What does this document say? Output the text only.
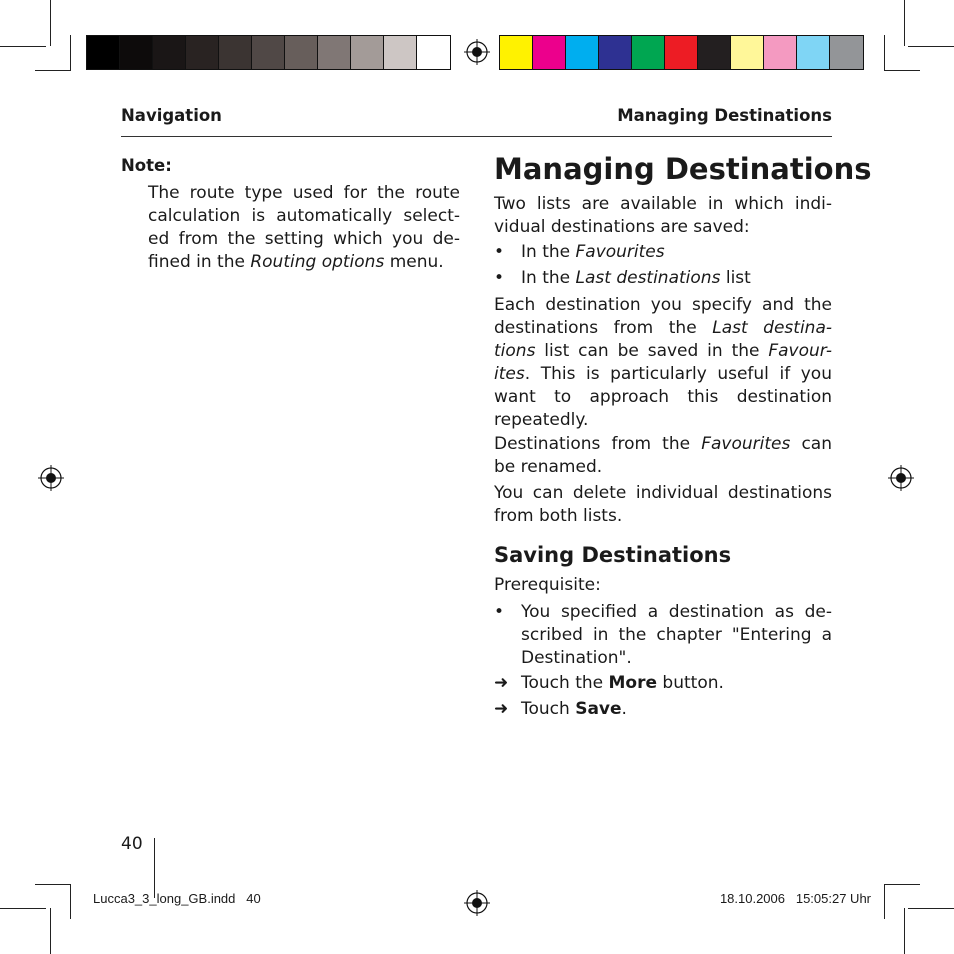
Navigation	Managing Destinations
Note:
The route type used for the route calculation is automatically select-ed from the setting which you de-fined in the Routing options menu.
Managing Destinations
Two lists are available in which indi-vidual destinations are saved:
• In the Favourites
• In the Last destinations list
Each destination you specify and the destinations from the Last destina-tions list can be saved in the Favour-ites. This is particularly useful if you want to approach this destination repeatedly.
Destinations from the Favourites can be renamed.
You can delete individual destinations from both lists.
Saving Destinations
Prerequisite:
• You specified a destination as de-scribed in the chapter "Entering a Destination".
➜ Touch the More button.
➜ Touch Save.
40
Lucca3_3_long_GB.indd   40	18.10.2006   15:05:27 Uhr
